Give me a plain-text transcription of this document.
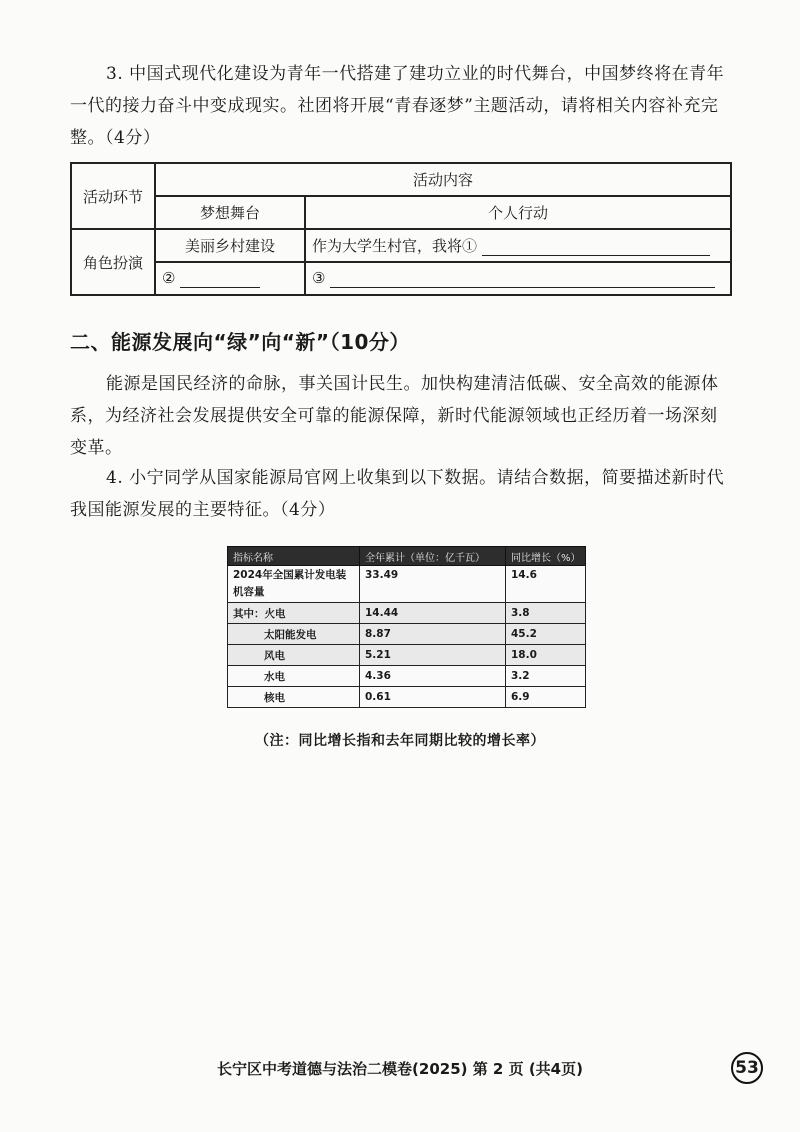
3. 中国式现代化建设为青年一代搭建了建功立业的时代舞台，中国梦终将在青年一代的接力奋斗中变成现实。社团将开展“青春逐梦”主题活动，请将相关内容补充完整。（4分）

活动环节	活动内容	
	梦想舞台	个人行动
角色扮演	美丽乡村建设	作为大学生村官，我将①
	②	③
二、能源发展向“绿”向“新”（10分）

能源是国民经济的命脉，事关国计民生。加快构建清洁低碳、安全高效的能源体系，为经济社会发展提供安全可靠的能源保障，新时代能源领域也正经历着一场深刻变革。

4. 小宁同学从国家能源局官网上收集到以下数据。请结合数据，简要描述新时代我国能源发展的主要特征。（4分）

指标名称	全年累计（单位：亿千瓦）	同比增长（%）
2024年全国累计发电装机容量	33.49	14.6
其中：火电	14.44	3.8
太阳能发电	8.87	45.2
风电	5.21	18.0
水电	4.36	3.2
核电	0.61	6.9

（注：同比增长指和去年同期比较的增长率）

长宁区中考道德与法治二模卷(2025) 第 2 页 (共4页)	53
